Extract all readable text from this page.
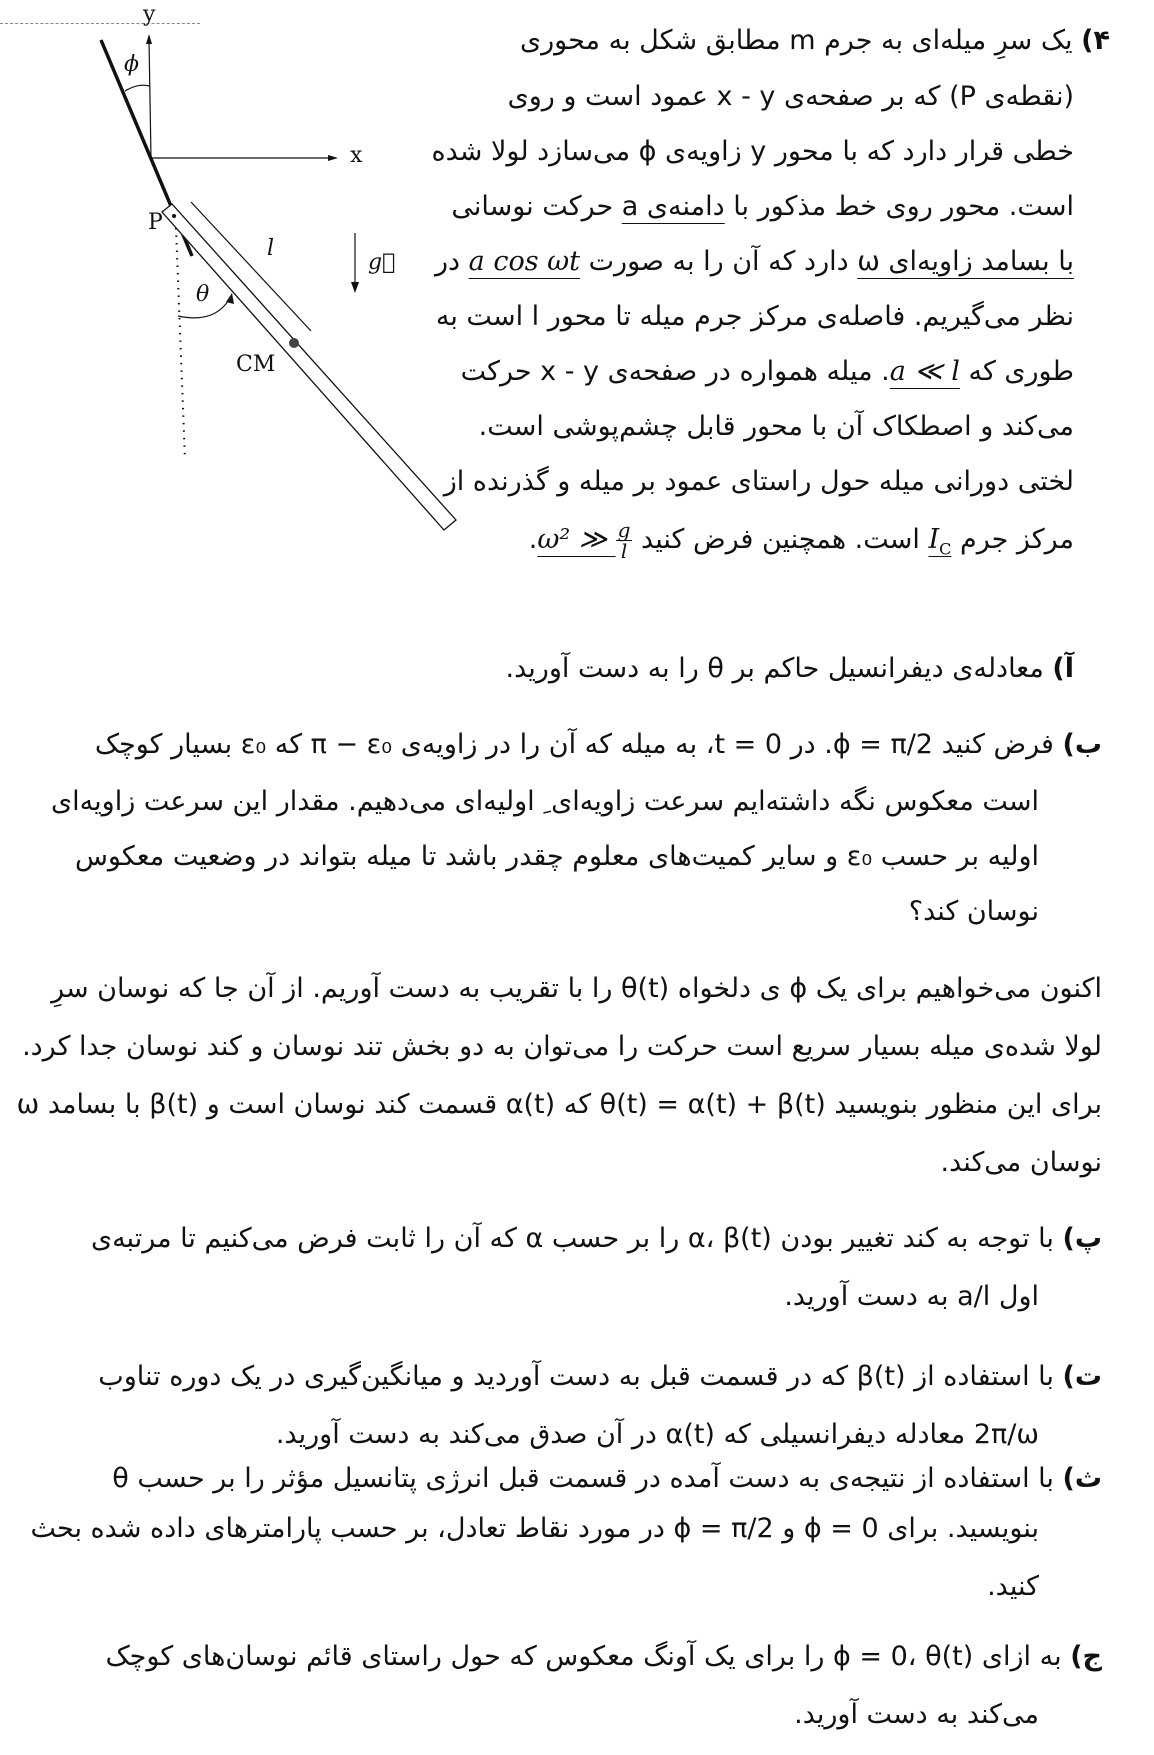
y
x
ϕ
P
l
g⃗
θ
CM
۴) یک سرِ میله‌ای به جرم m مطابق شکل به محوری
(نقطه‌ی P) که بر صفحه‌ی x - y عمود است و روی
خطی قرار دارد که با محور y زاویه‌ی ϕ می‌سازد لولا شده
است. محور روی خط مذکور با دامنه‌ی a حرکت نوسانی
با بسامد زاویه‌ای ω دارد که آن را به صورت a cos ωt در
نظر می‌گیریم. فاصله‌ی مرکز جرم میله تا محور l است به
طوری که a ≪ l. میله همواره در صفحه‌ی x - y حرکت
می‌کند و اصطکاک آن با محور قابل چشم‌پوشی است.
لختی دورانی میله حول راستای عمود بر میله و گذرنده از
مرکز جرم $I_C$ است. همچنین فرض کنید ω² ≫ $\frac{g}{l}$
.
آ) معادله‌ی دیفرانسیل حاکم بر θ را به دست آورید.
ب) فرض کنید ϕ = π/2. در t = 0، به میله که آن را در زاویه‌ی π − ε₀ که ε₀ بسیار کوچک
است معکوس نگه داشته‌ایم سرعت زاویه‌ای ِ اولیه‌ای می‌دهیم. مقدار این سرعت زاویه‌ای
اولیه بر حسب ε₀ و سایر کمیت‌های معلوم چقدر باشد تا میله بتواند در وضعیت معکوس
نوسان کند؟
اکنون می‌خواهیم برای یک ϕ ی دلخواه θ(t) را با تقریب به دست آوریم. از آن جا که نوسان سرِ
لولا شده‌ی میله بسیار سریع است حرکت را می‌توان به دو بخش تند نوسان و کند نوسان جدا کرد.
برای این منظور بنویسید θ(t) = α(t) + β(t) که α(t) قسمت کند نوسان است و β(t) با بسامد ω
نوسان می‌کند.
پ) با توجه به کند تغییر بودن α، β(t) را بر حسب α که آن را ثابت فرض می‌کنیم تا مرتبه‌ی
اول a/l به دست آورید.
ت) با استفاده از β(t) که در قسمت قبل به دست آوردید و میانگین‌گیری در یک دوره تناوب
2π/ω معادله دیفرانسیلی که α(t) در آن صدق می‌کند به دست آورید.
ث) با استفاده از نتیجه‌ی به دست آمده در قسمت قبل انرژی پتانسیل مؤثر را بر حسب θ
بنویسید. برای ϕ = 0 و ϕ = π/2 در مورد نقاط تعادل، بر حسب پارامترهای داده شده بحث
کنید.
ج) به ازای ϕ = 0، θ(t) را برای یک آونگ معکوس که حول راستای قائم نوسان‌های کوچک
می‌کند به دست آورید.
